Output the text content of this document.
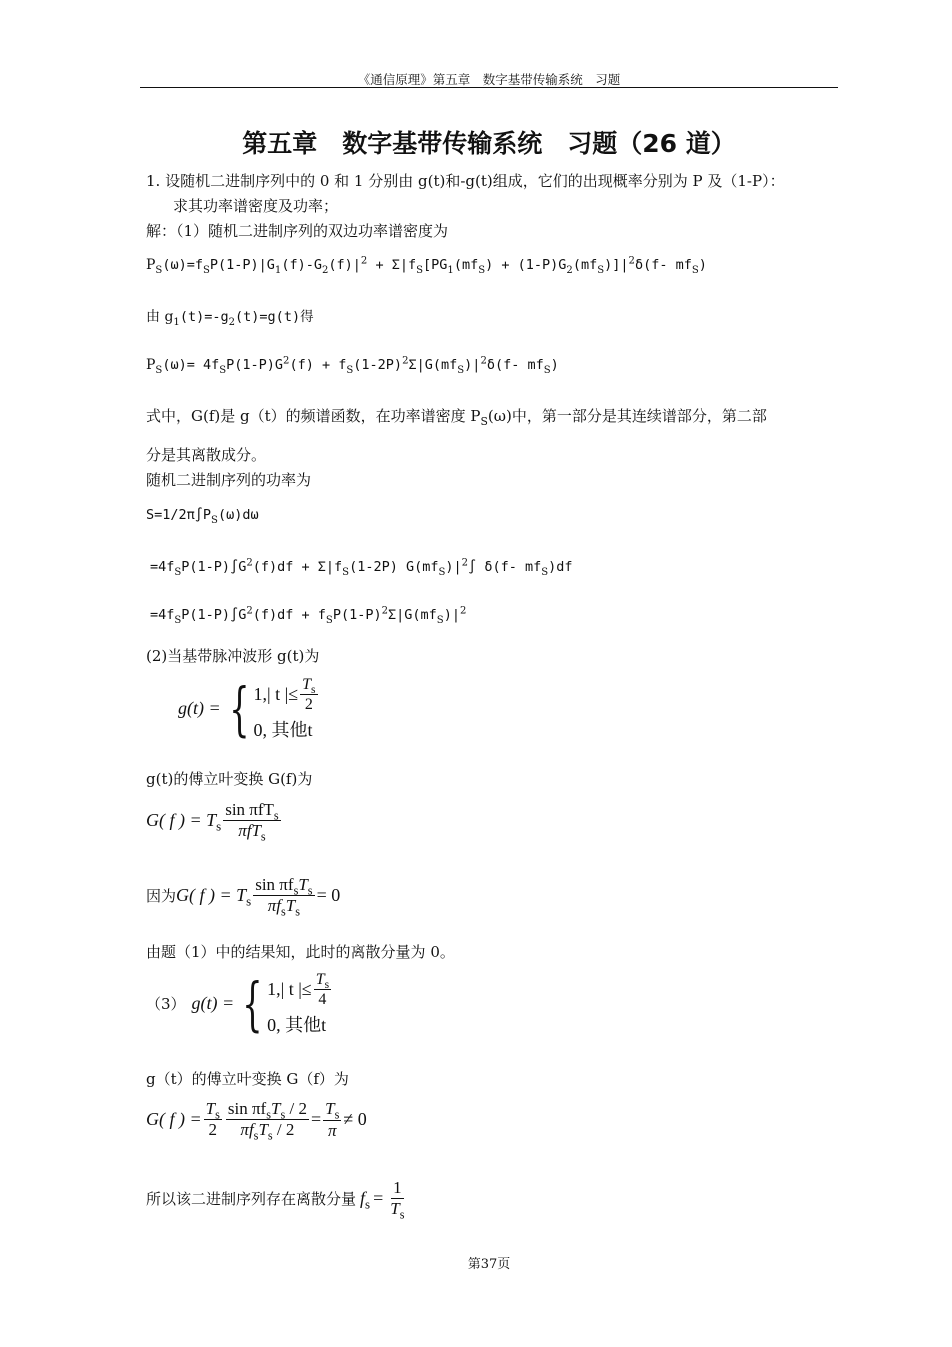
《通信原理》第五章　数字基带传输系统　习题
第五章　数字基带传输系统　习题（26 道）
1. 设随机二进制序列中的 0 和 1 分别由 g(t)和-g(t)组成，它们的出现概率分别为 P 及（1-P）：
求其功率谱密度及功率；
解：（1）随机二进制序列的双边功率谱密度为
$P_S(\omega)=f_SP(1-P)|G_1(f)-G_2(f)|^2 + \Sigma|f_S[PG_1(mf_S) + (1-P)G_2(mf_S)]|^2\delta(f-$ $mf_S$)
由 $g_1(t)=-g_2(t)=g(t)$得
$P_S(\omega)= 4f_SP(1-P)G^2(f) + f_S(1-2P)^2\Sigma|G(mf_S)|^2\delta(f-$ $mf_S$)
式中，G(f)是 g（t）的频谱函数，在功率谱密度 $P_S(\omega)$中，第一部分是其连续谱部分，第二部
分是其离散成分。
随机二进制序列的功率为
$S=1/2\pi\int P_S(\omega)d\omega$
$=4f_SP(1-P)\int G^2(f)df + \Sigma|f_S(1-2P)$ $G(mf_S)|^2\int$ δ(f- $mf_S)df$
$=4f_SP(1-P)\int G^2(f)df + f_SP(1-P)^2\Sigma|G(mf_S)|^2$
(2)当基带脉冲波形 g(t)为
g(t) = { 1,| t |≤ $\frac{T_s}{2}$
0, 其他t
g(t)的傅立叶变换 G(f)为
G( f ) = $T_s \frac{\sin \pi fT_s}{\pi fT_s}$
因为 G( f ) = $T_s \frac{\sin \pi f_sT_s}{\pi f_sT_s} = 0$
由题（1）中的结果知，此时的离散分量为 0。
（3） g(t) = { 1,| t |≤ $\frac{T_s}{4}$
0, 其他t
g（t）的傅立叶变换 G（f）为
G( f ) = $\frac{T_s}{2} \frac{\sin \pi f_sT_s / 2}{\pi f_sT_s / 2} = \frac{T_s}{\pi} \ne 0$
所以该二进制序列存在离散分量 $f_s = \frac{1}{T_s}$
第37页
